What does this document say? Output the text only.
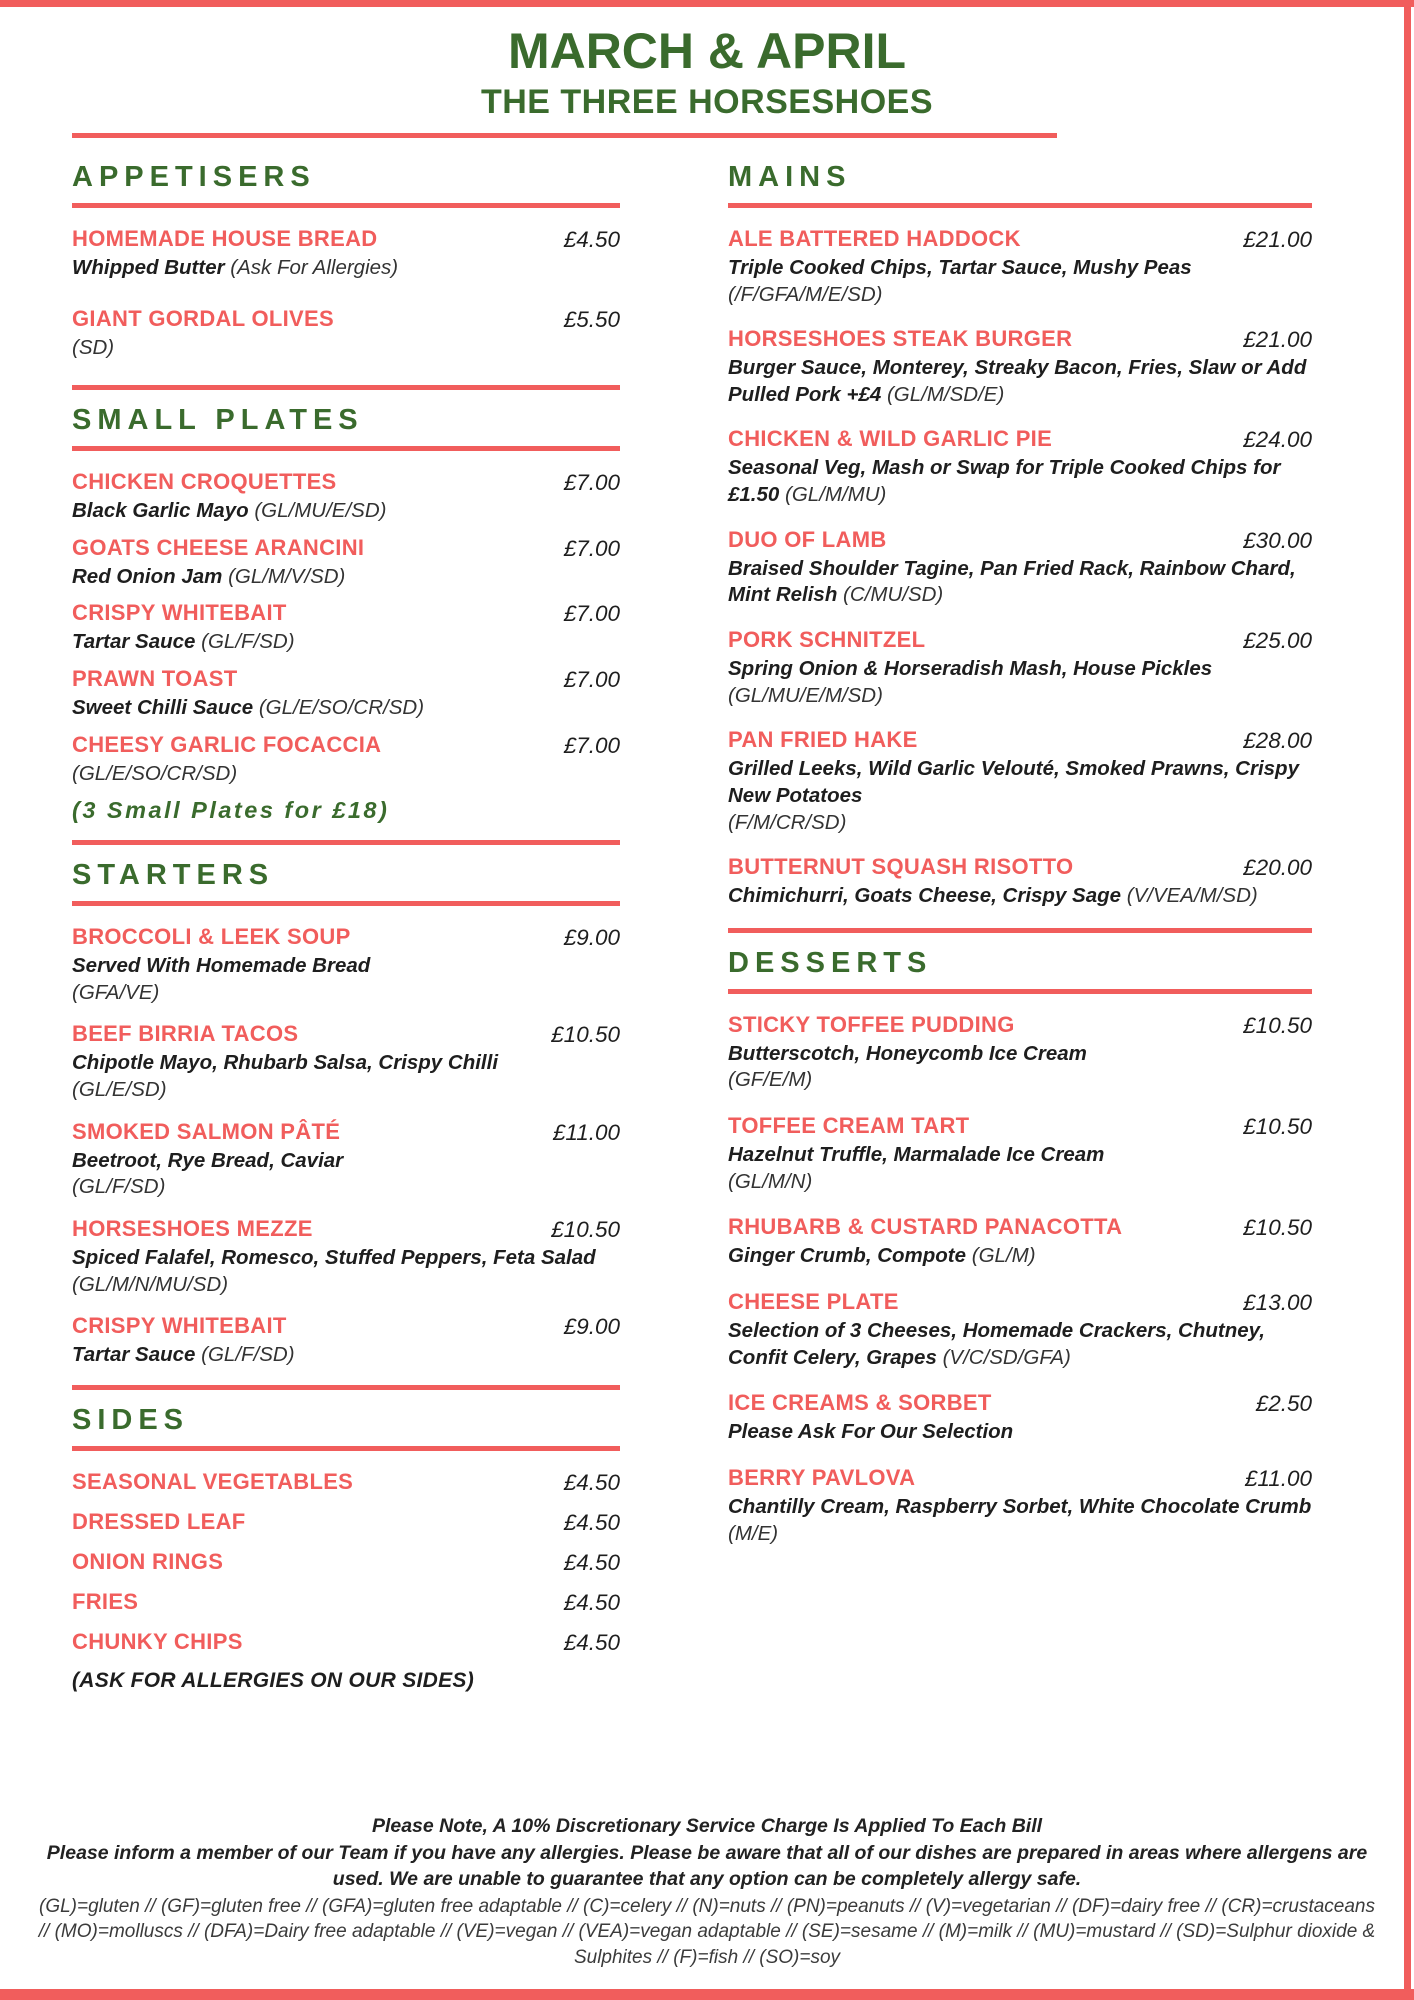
MARCH & APRIL
THE THREE HORSESHOES
APPETISERS
HOMEMADE HOUSE BREAD	£4.50

Whipped Butter (Ask For Allergies)

GIANT GORDAL OLIVES	£5.50

(SD)

SMALL PLATES
CHICKEN CROQUETTES	£7.00

Black Garlic Mayo (GL/MU/E/SD)

GOATS CHEESE ARANCINI	£7.00

Red Onion Jam (GL/M/V/SD)

CRISPY WHITEBAIT	£7.00

Tartar Sauce (GL/F/SD)

PRAWN TOAST	£7.00

Sweet Chilli Sauce (GL/E/SO/CR/SD)

CHEESY GARLIC FOCACCIA	£7.00

(GL/E/SO/CR/SD)

(3 Small Plates for £18)

STARTERS
BROCCOLI & LEEK SOUP	£9.00

Served With Homemade Bread
(GFA/VE)

BEEF BIRRIA TACOS	£10.50

Chipotle Mayo, Rhubarb Salsa, Crispy Chilli
(GL/E/SD)

SMOKED SALMON PÂTÉ	£11.00

Beetroot, Rye Bread, Caviar
(GL/F/SD)

HORSESHOES MEZZE	£10.50

Spiced Falafel, Romesco, Stuffed Peppers, Feta Salad (GL/M/N/MU/SD)

CRISPY WHITEBAIT	£9.00

Tartar Sauce (GL/F/SD)

SIDES
SEASONAL VEGETABLES	£4.50
DRESSED LEAF	£4.50
ONION RINGS	£4.50
FRIES	£4.50
CHUNKY CHIPS	£4.50

(ASK FOR ALLERGIES ON OUR SIDES)

MAINS
ALE BATTERED HADDOCK	£21.00

Triple Cooked Chips, Tartar Sauce, Mushy Peas (/F/GFA/M/E/SD)

HORSESHOES STEAK BURGER	£21.00

Burger Sauce, Monterey, Streaky Bacon, Fries, Slaw or Add Pulled Pork +£4 (GL/M/SD/E)

CHICKEN & WILD GARLIC PIE	£24.00

Seasonal Veg, Mash or Swap for Triple Cooked Chips for £1.50 (GL/M/MU)

DUO OF LAMB	£30.00

Braised Shoulder Tagine, Pan Fried Rack, Rainbow Chard, Mint Relish (C/MU/SD)

PORK SCHNITZEL	£25.00

Spring Onion & Horseradish Mash, House Pickles (GL/MU/E/M/SD)

PAN FRIED HAKE	£28.00

Grilled Leeks, Wild Garlic Velouté, Smoked Prawns, Crispy New Potatoes
(F/M/CR/SD)

BUTTERNUT SQUASH RISOTTO	£20.00

Chimichurri, Goats Cheese, Crispy Sage (V/VEA/M/SD)

DESSERTS
STICKY TOFFEE PUDDING	£10.50

Butterscotch, Honeycomb Ice Cream
(GF/E/M)

TOFFEE CREAM TART	£10.50

Hazelnut Truffle, Marmalade Ice Cream
(GL/M/N)

RHUBARB & CUSTARD PANACOTTA	£10.50

Ginger Crumb, Compote (GL/M)

CHEESE PLATE	£13.00

Selection of 3 Cheeses, Homemade Crackers, Chutney, Confit Celery, Grapes (V/C/SD/GFA)

ICE CREAMS & SORBET	£2.50

Please Ask For Our Selection

BERRY PAVLOVA	£11.00

Chantilly Cream, Raspberry Sorbet, White Chocolate Crumb (M/E)

Please Note, A 10% Discretionary Service Charge Is Applied To Each Bill

Please inform a member of our Team if you have any allergies. Please be aware that all of our dishes are prepared in areas where allergens are used. We are unable to guarantee that any option can be completely allergy safe.

(GL)=gluten // (GF)=gluten free // (GFA)=gluten free adaptable // (C)=celery // (N)=nuts // (PN)=peanuts // (V)=vegetarian // (DF)=dairy free // (CR)=crustaceans // (MO)=molluscs // (DFA)=Dairy free adaptable // (VE)=vegan // (VEA)=vegan adaptable // (SE)=sesame // (M)=milk // (MU)=mustard // (SD)=Sulphur dioxide & Sulphites // (F)=fish // (SO)=soy
